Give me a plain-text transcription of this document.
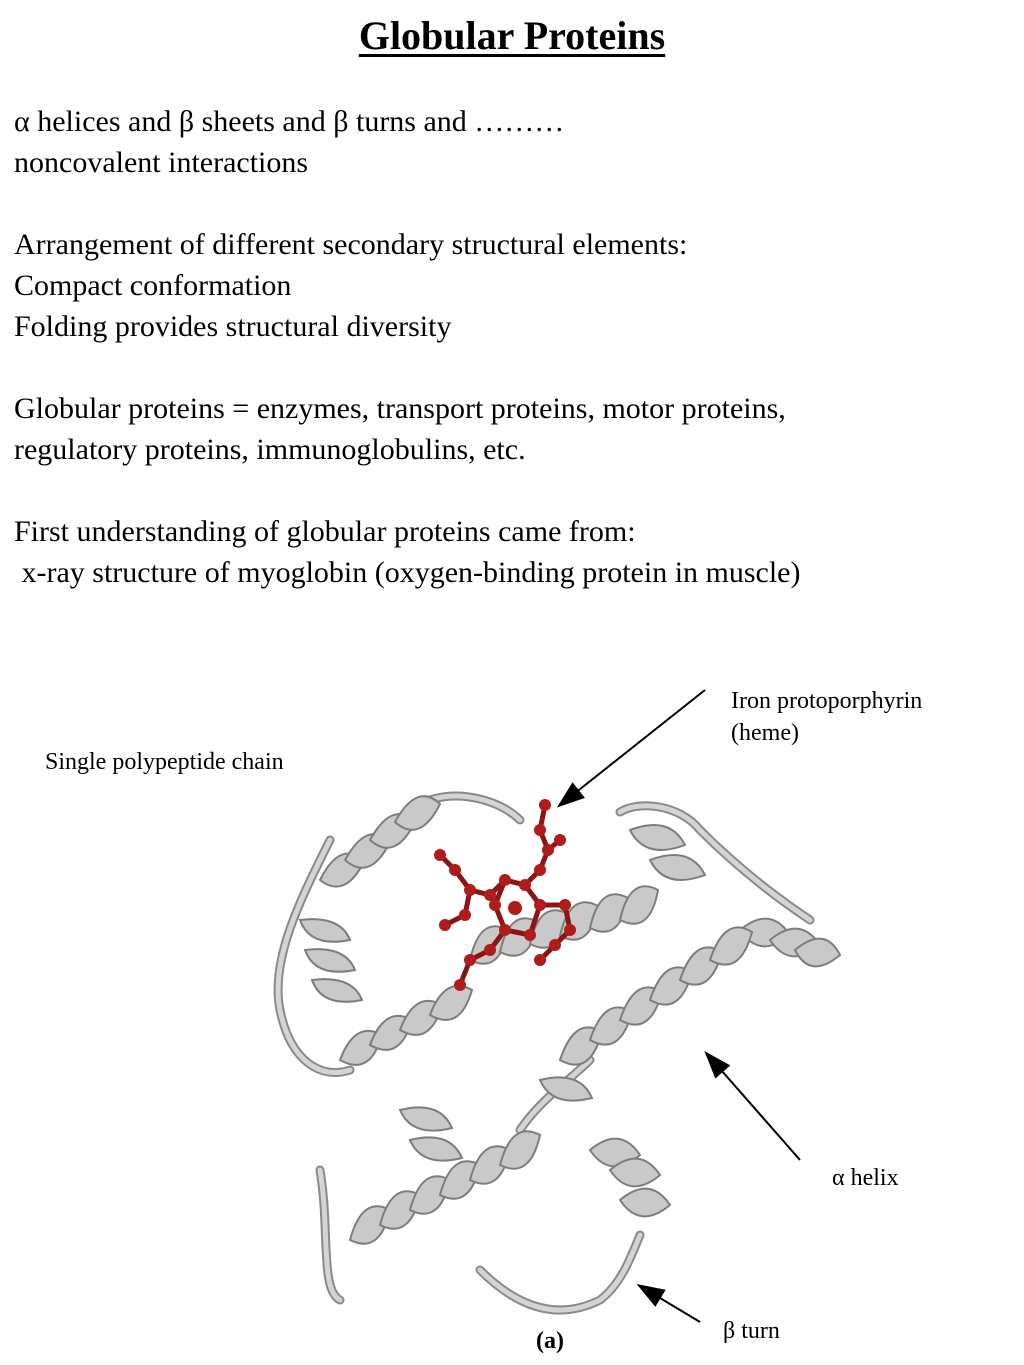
Globular Proteins

α helices and β sheets and β turns and ………

noncovalent interactions

Arrangement of different secondary structural elements:

Compact conformation

Folding provides structural diversity

Globular proteins = enzymes, transport proteins, motor proteins,

regulatory proteins, immunoglobulins, etc.

First understanding of globular proteins came from:

x-ray structure of myoglobin (oxygen-binding protein in muscle)

Single polypeptide chain
Iron protoporphyrin
(heme)
α helix
β turn
(a)
